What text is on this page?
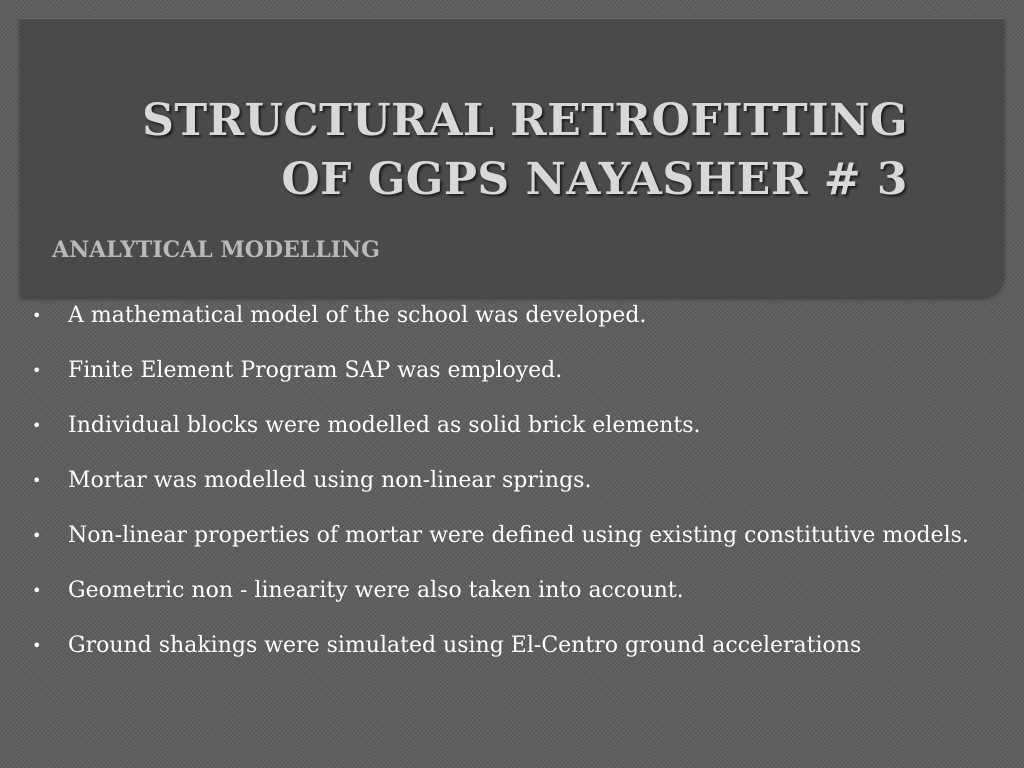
STRUCTURAL RETROFITTING
OF GGPS NAYASHER # 3
ANALYTICAL MODELLING
• A mathematical model of the school was developed.
• Finite Element Program SAP was employed.
• Individual blocks were modelled as solid brick elements.
• Mortar was modelled using non-linear springs.
• Non-linear properties of mortar were defined using existing constitutive models.
• Geometric non - linearity were also taken into account.
• Ground shakings were simulated using El-Centro ground accelerations
